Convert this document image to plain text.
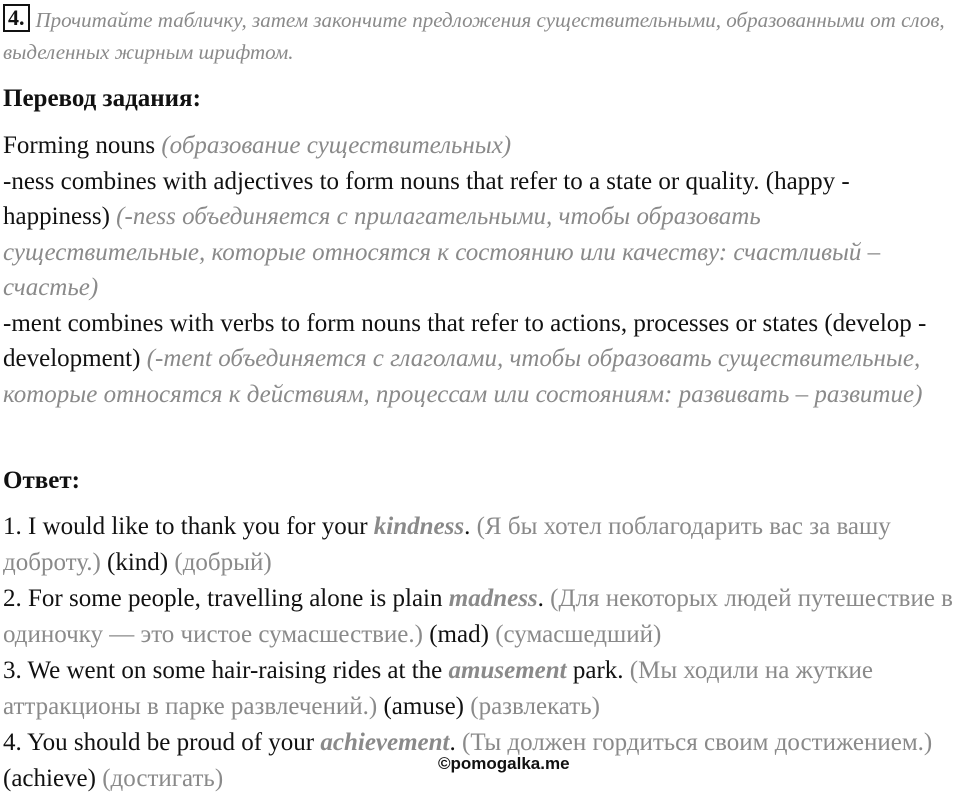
4. Прочитайте табличку, затем закончите предложения существительными, образованными от слов, выделенных жирным шрифтом.
Перевод задания:
Forming nouns (образование существительных)
-ness combines with adjectives to form nouns that refer to a state or quality. (happy - happiness) (-ness объединяется с прилагательными, чтобы образовать существительные, которые относятся к состоянию или качеству: счастливый – счастье)
-ment combines with verbs to form nouns that refer to actions, processes or states (develop - development) (-ment объединяется с глаголами, чтобы образовать существительные, которые относятся к действиям, процессам или состояниям: развивать – развитие)
Ответ:
1. I would like to thank you for your kindness. (Я бы хотел поблагодарить вас за вашу доброту.) (kind) (добрый)
2. For some people, travelling alone is plain madness. (Для некоторых людей путешествие в одиночку — это чистое сумасшествие.) (mad) (сумасшедший)
3. We went on some hair-raising rides at the amusement park. (Мы ходили на жуткие аттракционы в парке развлечений.) (amuse) (развлекать)
4. You should be proud of your achievement. (Ты должен гордиться своим достижением.) (achieve) (достигать)
©pomogalka.me
